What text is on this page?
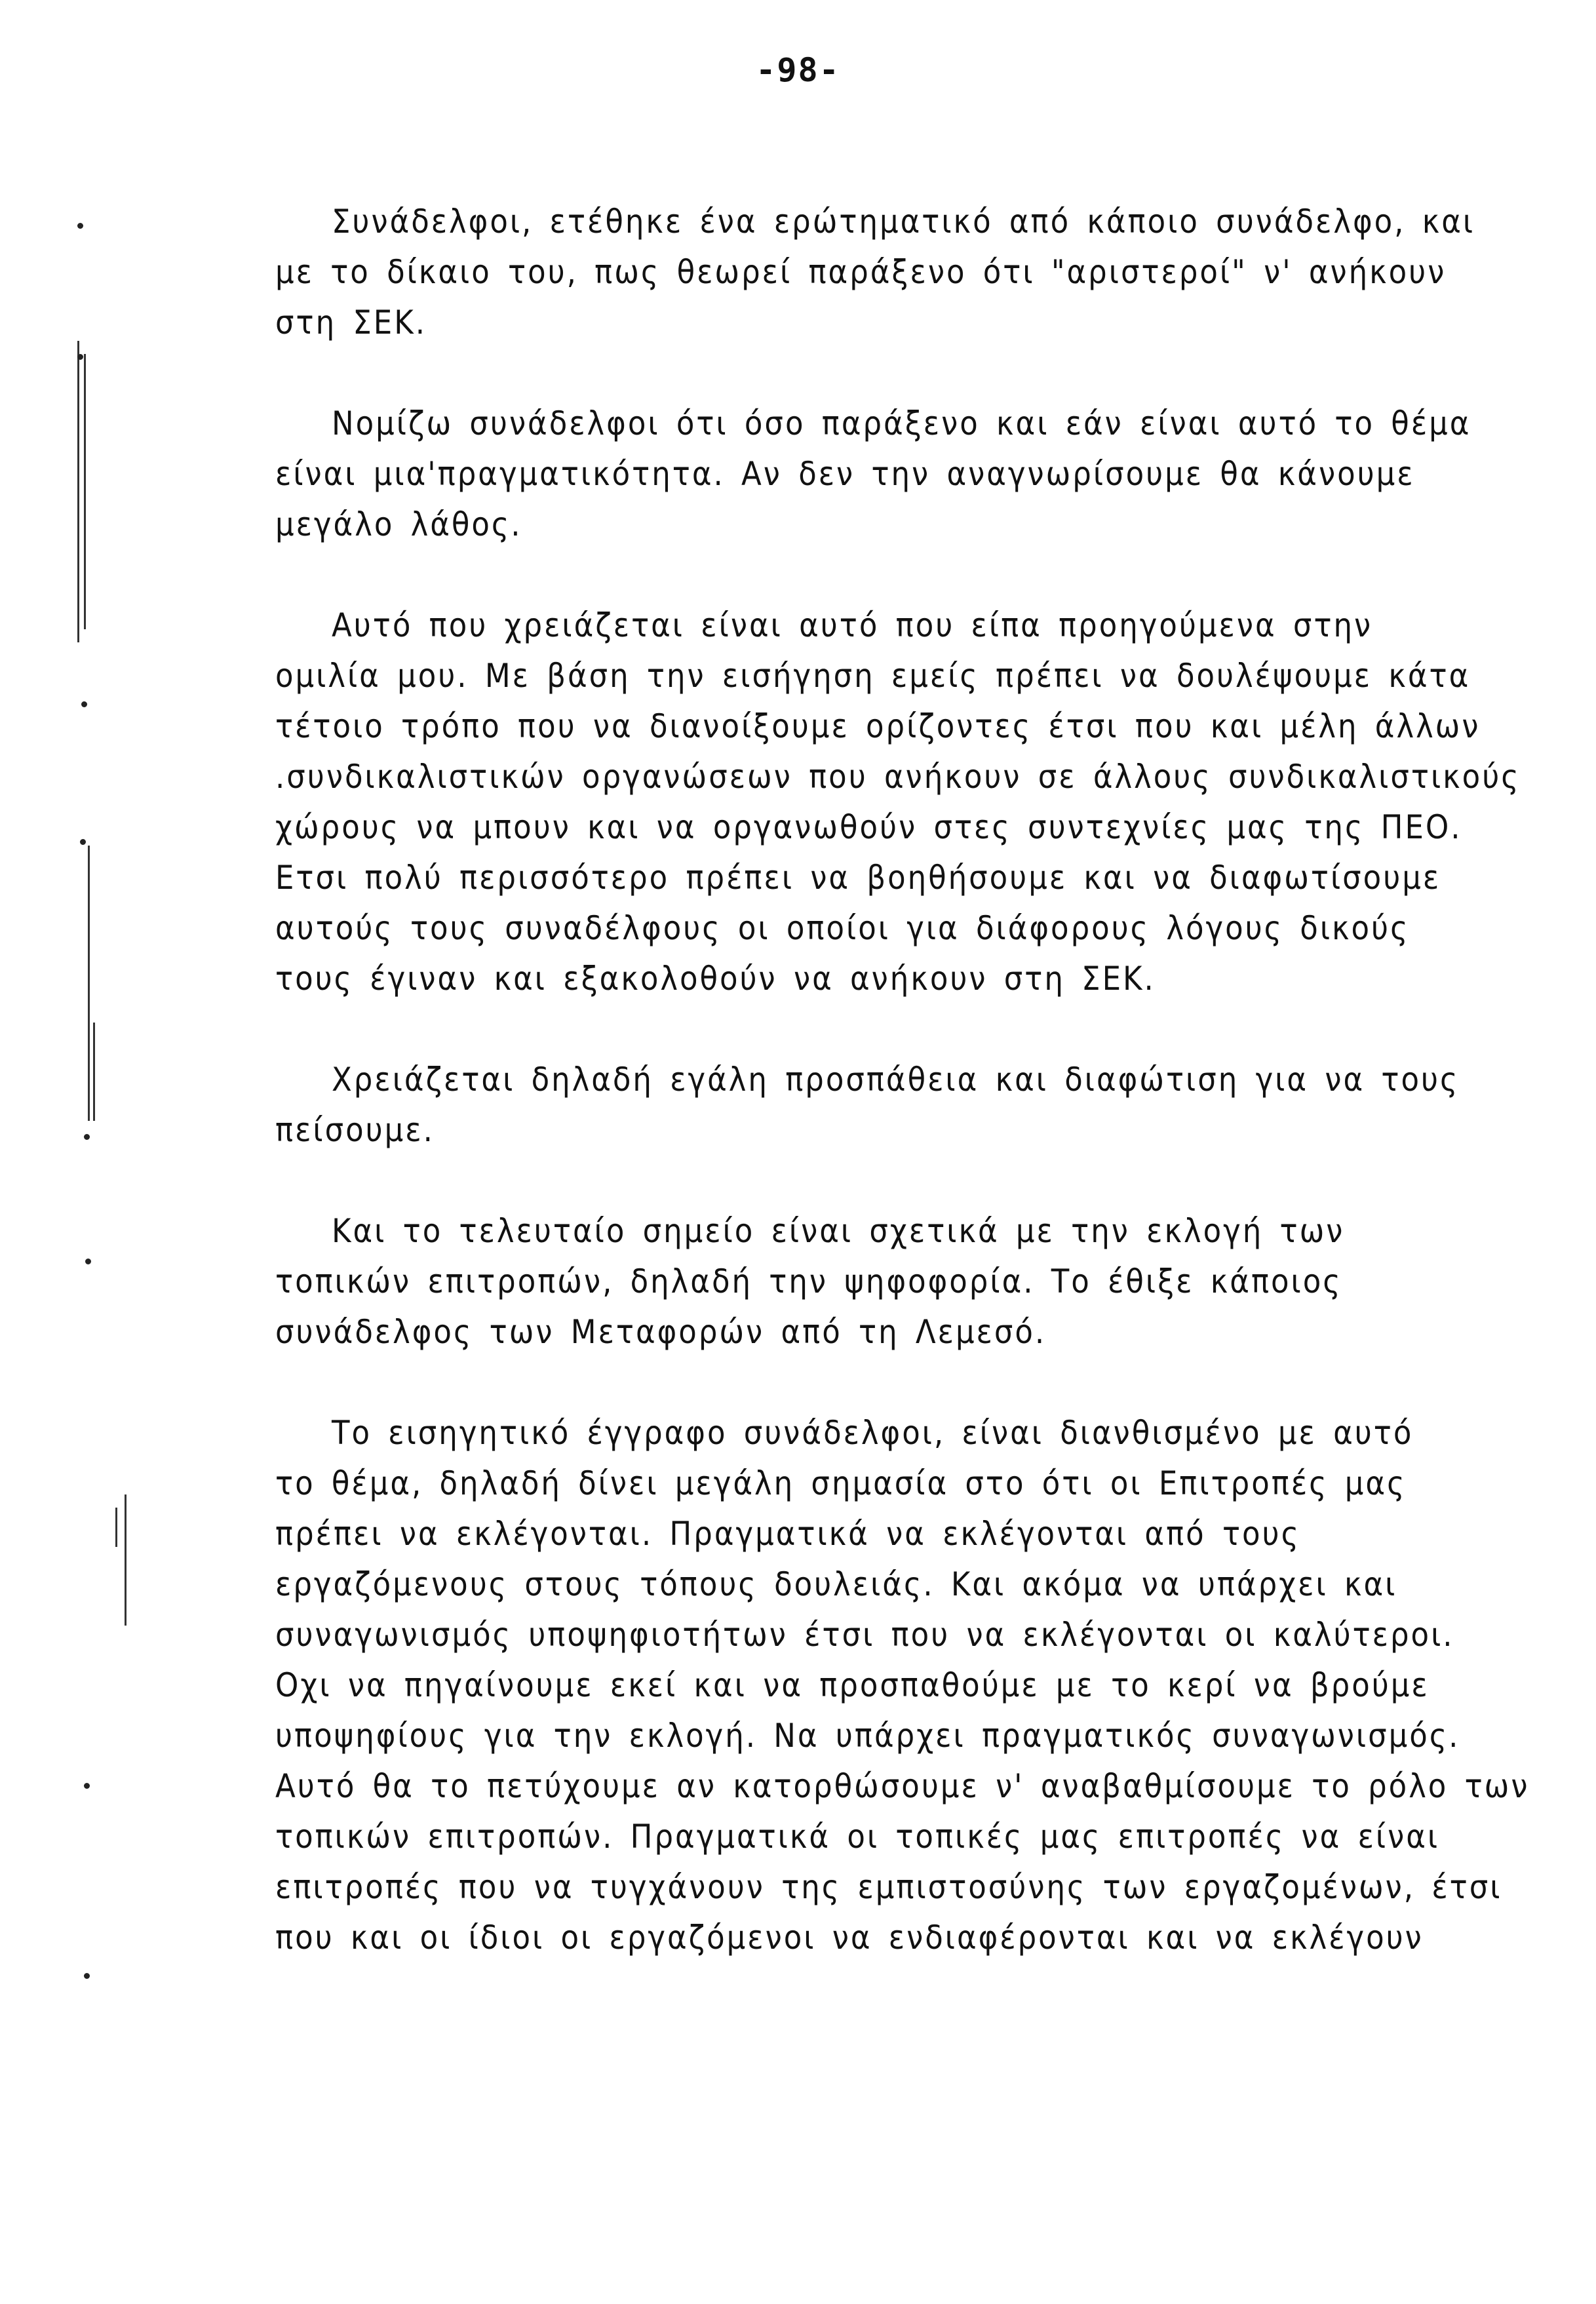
-98-
Συνάδελφοι, ετέθηκε ένα ερώτηματικό από κάποιο συνάδελφο, και
με το δίκαιο του, πως θεωρεί παράξενο ότι "αριστεροί" ν' ανήκουν
στη ΣΕΚ.
Νομίζω συνάδελφοι ότι όσο παράξενο και εάν είναι αυτό το θέμα
είναι μια'πραγματικότητα. Αν δεν την αναγνωρίσουμε θα κάνουμε
μεγάλο λάθος.
Αυτό που χρειάζεται είναι αυτό που είπα προηγούμενα στην
ομιλία μου. Με βάση την εισήγηση εμείς πρέπει να δουλέψουμε κάτα
τέτοιο τρόπο που να διανοίξουμε ορίζοντες έτσι που και μέλη άλλων
.συνδικαλιστικών οργανώσεων που ανήκουν σε άλλους συνδικαλιστικούς
χώρους να μπουν και να οργανωθούν στες συντεχνίες μας της ΠΕΟ.
Ετσι πολύ περισσότερο πρέπει να βοηθήσουμε και να διαφωτίσουμε
αυτούς τους συναδέλφους οι οποίοι για διάφορους λόγους δικούς
τους έγιναν και εξακολοθούν να ανήκουν στη ΣΕΚ.
Χρειάζεται δηλαδή εγάλη προσπάθεια και διαφώτιση για να τους
πείσουμε.
Και το τελευταίο σημείο είναι σχετικά με την εκλογή των
τοπικών επιτροπών, δηλαδή την ψηφοφορία. Το έθιξε κάποιος
συνάδελφος των Μεταφορών από τη Λεμεσό.
Το εισηγητικό έγγραφο συνάδελφοι, είναι διανθισμένο με αυτό
το θέμα, δηλαδή δίνει μεγάλη σημασία στο ότι οι Επιτροπές μας
πρέπει να εκλέγονται. Πραγματικά να εκλέγονται από τους
εργαζόμενους στους τόπους δουλειάς. Και ακόμα να υπάρχει και
συναγωνισμός υποψηφιοτήτων έτσι που να εκλέγονται οι καλύτεροι.
Οχι να πηγαίνουμε εκεί και να προσπαθούμε με το κερί να βρούμε
υποψηφίους για την εκλογή. Να υπάρχει πραγματικός συναγωνισμός.
Αυτό θα το πετύχουμε αν κατορθώσουμε ν' αναβαθμίσουμε το ρόλο των
τοπικών επιτροπών. Πραγματικά οι τοπικές μας επιτροπές να είναι
επιτροπές που να τυγχάνουν της εμπιστοσύνης των εργαζομένων, έτσι
που και οι ίδιοι οι εργαζόμενοι να ενδιαφέρονται και να εκλέγουν
